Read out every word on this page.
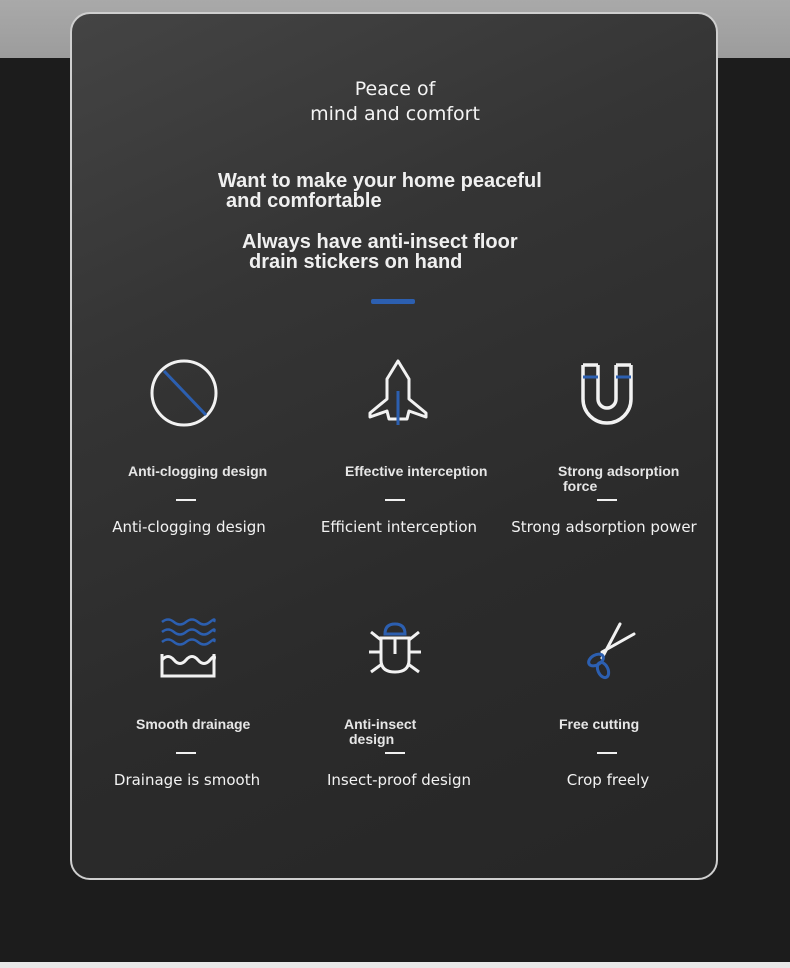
Peace of

mind and comfort

Want to make your home peaceful

and comfortable

Always have anti-insect floor

drain stickers on hand

Anti-clogging design

Anti-clogging design

Effective interception

Efficient interception

Strong adsorption

force

Strong adsorption power

Smooth drainage

Drainage is smooth

Anti-insect

design

Insect-proof design

Free cutting

Crop freely
